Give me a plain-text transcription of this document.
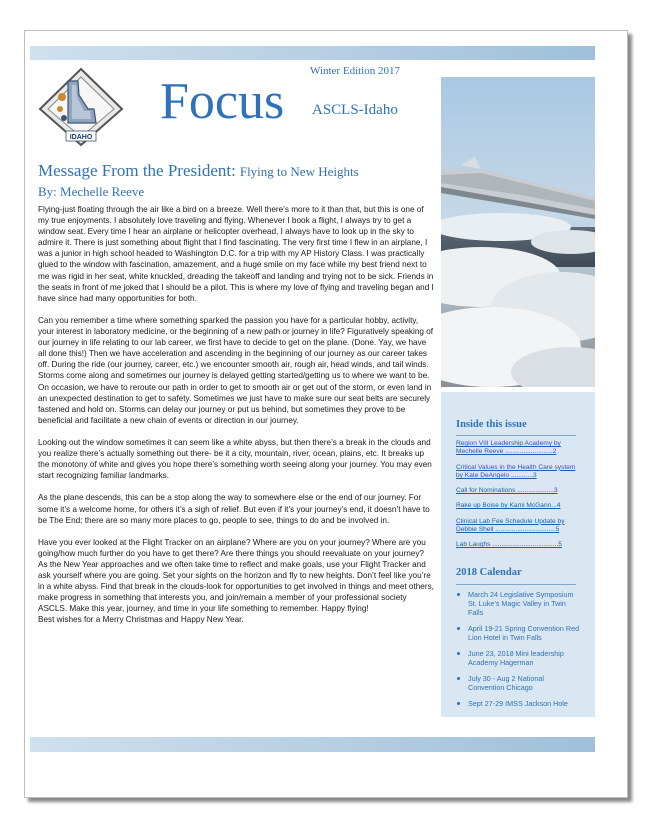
IDAHO
Winter Edition 2017
Focus ASCLS-Idaho
Message From the President: Flying to New Heights
By: Mechelle Reeve

Flying-just floating through the air like a bird on a breeze. Well there’s more to it than that, but this is one of my true enjoyments. I absolutely love traveling and flying. Whenever I book a flight, I always try to get a window seat. Every time I hear an airplane or helicopter overhead, I always have to look up in the sky to admire it. There is just something about flight that I find fascinating. The very first time I flew in an airplane, I was a junior in high school headed to Washington D.C. for a trip with my AP History Class. I was practically glued to the window with fascination, amazement, and a huge smile on my face while my best friend next to me was rigid in her seat, white knuckled, dreading the takeoff and landing and trying not to be sick. Friends in the seats in front of me joked that I should be a pilot. This is where my love of flying and traveling began and I have since had many opportunities for both.

Can you remember a time where something sparked the passion you have for a particular hobby, activity, your interest in laboratory medicine, or the beginning of a new path or journey in life? Figuratively speaking of our journey in life relating to our lab career, we first have to decide to get on the plane. (Done. Yay, we have all done this!) Then we have acceleration and ascending in the beginning of our journey as our career takes off. During the ride (our journey, career, etc.) we encounter smooth air, rough air, head winds, and tail winds. Storms come along and sometimes our journey is delayed getting started/getting us to where we want to be. On occasion, we have to reroute our path in order to get to smooth air or get out of the storm, or even land in an unexpected destination to get to safety. Sometimes we just have to make sure our seat belts are securely fastened and hold on. Storms can delay our journey or put us behind, but sometimes they prove to be beneficial and facilitate a new chain of events or direction in our journey.

Looking out the window sometimes it can seem like a white abyss, but then there’s a break in the clouds and you realize there’s actually something out there- be it a city, mountain, river, ocean, plains, etc. It breaks up the monotony of white and gives you hope there’s something worth seeing along your journey. You may even start recognizing familiar landmarks.

As the plane descends, this can be a stop along the way to somewhere else or the end of our journey. For some it’s a welcome home, for others it’s a sigh of relief. But even if it’s your journey’s end, it doesn’t have to be The End; there are so many more places to go, people to see, things to do and be involved in.

Have you ever looked at the Flight Tracker on an airplane? Where are you on your journey? Where are you going/how much further do you have to get there? Are there things you should reevaluate on your journey? As the New Year approaches and we often take time to reflect and make goals, use your Flight Tracker and ask yourself where you are going. Set your sights on the horizon and fly to new heights. Don’t feel like you’re in a white abyss. Find that break in the clouds-look for opportunities to get involved in things and meet others, make progress in something that interests you, and join/remain a member of your professional society ASCLS. Make this year, journey, and time in your life something to remember. Happy flying!

Best wishes for a Merry Christmas and Happy New Year.

Inside this issue
Region VIII Leadership Academy by Mechelle Reeve ..........................2
Critical Values in the Health Care system by Kate DeAngelo ............3
Call for Nominations ....................3
Rake up Boise by Kami McGann...4
Clinical Lab Fee Schedule Update by Debbie Shell .................................5
Lab Laughs ....................................5
2018 Calendar
March 24 Legislative Symposium St. Luke’s Magic Valley in Twin Falls
April 19-21 Spring Convention Red Lion Hotel in Twin Falls
June 23, 2018 Mini leadership Academy Hagerman
July 30 - Aug 2 National Convention Chicago
Sept 27-29 IMSS Jackson Hole
